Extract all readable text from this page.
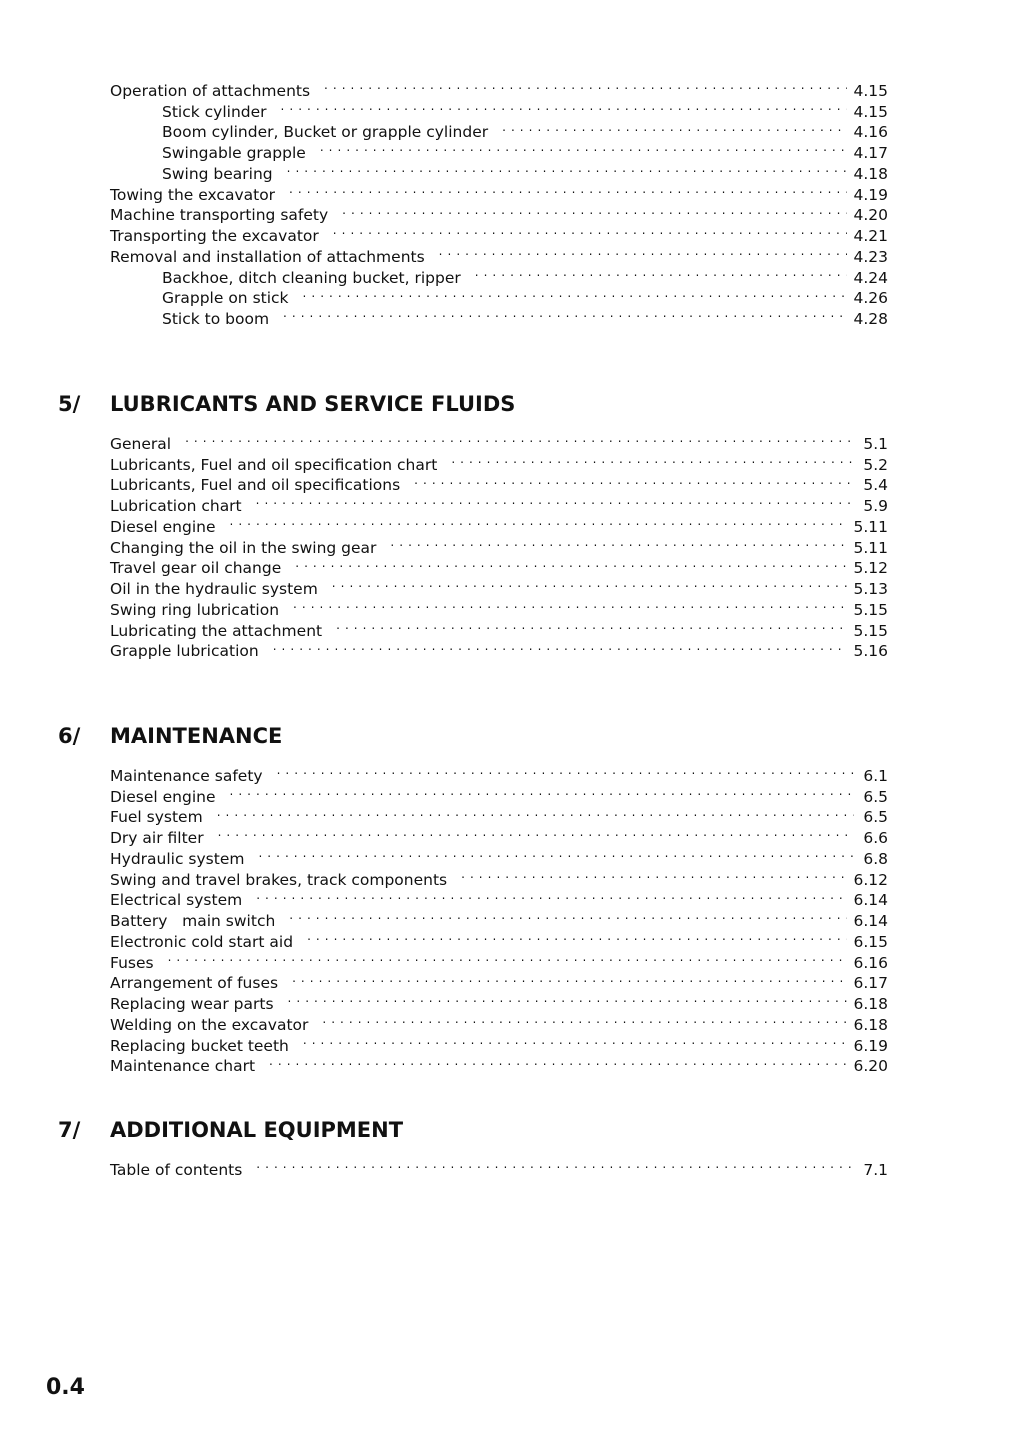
Operation of attachments . . .	4.15
Stick cylinder . . .	4.15
Boom cylinder, Bucket or grapple cylinder . . .	4.16
Swingable grapple . . .	4.17
Swing bearing . . .	4.18
Towing the excavator . . .	4.19
Machine transporting safety . . .	4.20
Transporting the excavator . . .	4.21
Removal and installation of attachments . . .	4.23
Backhoe, ditch cleaning bucket, ripper . . .	4.24
Grapple on stick . . .	4.26
Stick to boom . . .	4.28
5/ LUBRICANTS AND SERVICE FLUIDS
General . . .	5.1
Lubricants, Fuel and oil specification chart . . .	5.2
Lubricants, Fuel and oil specifications . . .	5.4
Lubrication chart . . .	5.9
Diesel engine . . .	5.11
Changing the oil in the swing gear . . .	5.11
Travel gear oil change . . .	5.12
Oil in the hydraulic system . . .	5.13
Swing ring lubrication . . .	5.15
Lubricating the attachment . . .	5.15
Grapple lubrication . . .	5.16
6/ MAINTENANCE
Maintenance safety . . .	6.1
Diesel engine . . .	6.5
Fuel system . . .	6.5
Dry air filter . . .	6.6
Hydraulic system . . .	6.8
Swing and travel brakes, track components . . .	6.12
Electrical system . . .	6.14
Battery   main switch . . .	6.14
Electronic cold start aid . . .	6.15
Fuses . . .	6.16
Arrangement of fuses . . .	6.17
Replacing wear parts . . .	6.18
Welding on the excavator . . .	6.18
Replacing bucket teeth . . .	6.19
Maintenance chart . . .	6.20
7/ ADDITIONAL EQUIPMENT
Table of contents . . .	7.1
0.4
